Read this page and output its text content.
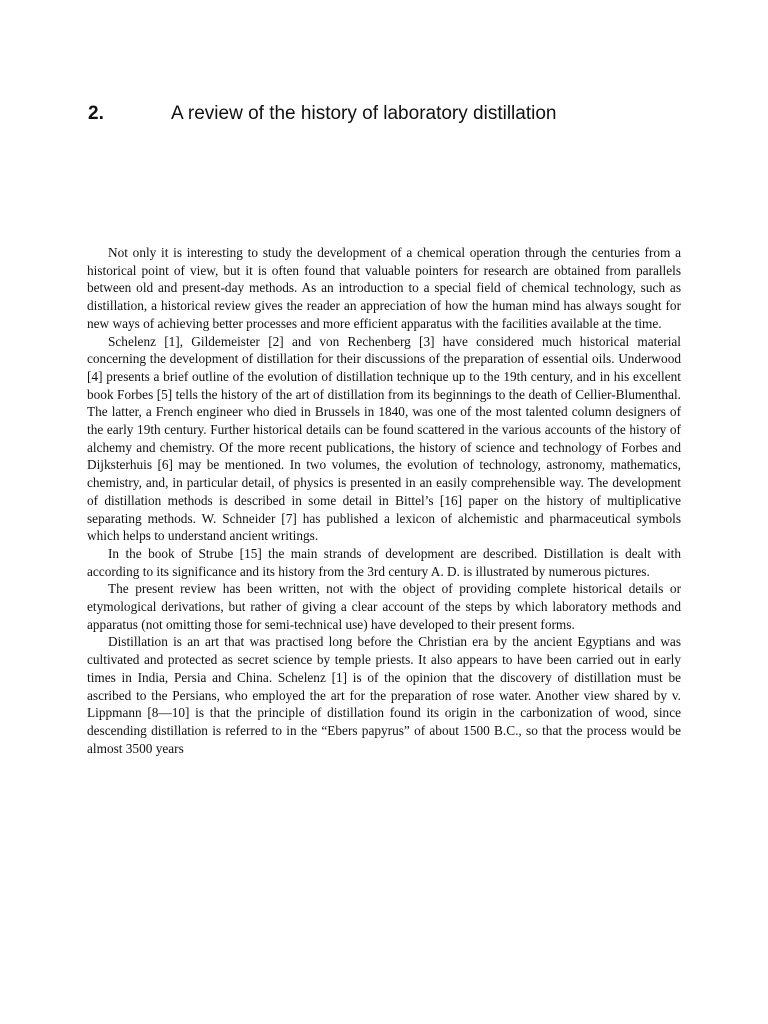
2.	A review of the history of laboratory distillation

Not only it is interesting to study the development of a chemical operation through the centuries from a historical point of view, but it is often found that valuable pointers for research are obtained from parallels between old and present-day methods. As an introduction to a special field of chemical technology, such as distillation, a historical review gives the reader an appreciation of how the human mind has always sought for new ways of achieving better processes and more efficient apparatus with the facilities available at the time.

Schelenz [1], Gildemeister [2] and von Rechenberg [3] have considered much historical material concerning the development of distillation for their discussions of the preparation of essential oils. Underwood [4] presents a brief outline of the evolution of distillation technique up to the 19th century, and in his excellent book Forbes [5] tells the history of the art of distillation from its beginnings to the death of Cellier-Blumenthal. The latter, a French engineer who died in Brussels in 1840, was one of the most talented column designers of the early 19th century. Further historical details can be found scattered in the various accounts of the history of alchemy and chemistry. Of the more recent publications, the history of science and technology of Forbes and Dijksterhuis [6] may be mentioned. In two volumes, the evolution of technology, astronomy, mathematics, chemistry, and, in particular detail, of physics is presented in an easily comprehensible way. The development of distillation methods is described in some detail in Bittel’s [16] paper on the history of multiplicative separating methods. W. Schneider [7] has published a lexicon of alchemistic and pharmaceutical symbols which helps to understand ancient writings.

In the book of Strube [15] the main strands of development are described. Distillation is dealt with according to its significance and its history from the 3rd century A. D. is illustrated by numerous pictures.

The present review has been written, not with the object of providing complete historical details or etymological derivations, but rather of giving a clear account of the steps by which laboratory methods and apparatus (not omitting those for semi-technical use) have developed to their present forms.

Distillation is an art that was practised long before the Christian era by the ancient Egyptians and was cultivated and protected as secret science by temple priests. It also appears to have been carried out in early times in India, Persia and China. Schelenz [1] is of the opinion that the discovery of distillation must be ascribed to the Persians, who employed the art for the preparation of rose water. Another view shared by v. Lippmann [8—10] is that the principle of distillation found its origin in the carbonization of wood, since descending distillation is referred to in the “Ebers papyrus” of about 1500 B.C., so that the process would be almost 3500 years
